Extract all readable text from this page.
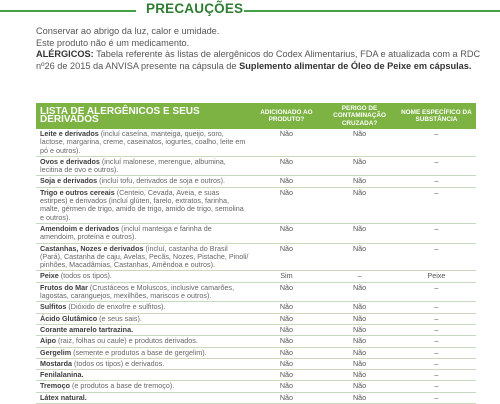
PRECAUÇÕES

Conservar ao abrigo da luz, calor e umidade.

Este produto não é um medicamento.

ALÉRGICOS: Tabela referente às listas de alergênicos do Codex Alimentarius, FDA e atualizada com a RDC nº26 de 2015 da ANVISA presente na cápsula de Suplemento alimentar de Óleo de Peixe em cápsulas.

LISTA DE ALERGÊNICOS E SEUS DERIVADOS	ADICIONADO AO PRODUTO?	PERIGO DE CONTAMINAÇÃO CRUZADA?	NOME ESPECÍFICO DA SUBSTÂNCIA
Leite e derivados (incluí caseína, manteiga, queijo, soro, lactose, margarina, creme, caseinatos, iogurtes, coalho, leite em pó e outros).	Não	Não	–
Ovos e derivados (incluí malonese, merengue, albumina, lecitina de ovo e outros).	Não	Não	–
Soja e derivados (incluí tofu, derivados de soja e outros).	Não	Não	–
Trigo e outros cereais (Centeio, Cevada, Aveia, e suas estirpes) e derivados (incluí glúten, farelo, extratos, farinha, malte, gérmen de trigo, amido de trigo, amido de trigo, semolina e outros).	Não	Não	–
Amendoim e derivados (incluí manteiga e farinha de amendoim, proteína e outros).	Não	Não	–
Castanhas, Nozes e derivados (incluí, castanha do Brasil (Pará), Castanha de caju, Avelas, Pecãs, Nozes, Pistache, Pinoli/ pinhões, Macadâmias, Castanhas, Amêndoa e outros).	Não	Não	–
Peixe (todos os tipos).	Sim	–	Peixe
Frutos do Mar (Crustáceos e Moluscos, inclusive camarões, lagostas, caranguejos, mexilhões, mariscos e outros).	Não	Não	–
Sulfitos (Dióxido de enxofre e sulfitos).	Não	Não	–
Ácido Glutâmico (e seus sais).	Não	Não	–
Corante amarelo tartrazina.	Não	Não	–
Aipo (raiz, folhas ou caule) e produtos derivados.	Não	Não	–
Gergelim (semente e produtos a base de gergelim).	Não	Não	–
Mostarda (todos os tipos) e derivados.	Não	Não	–
Fenilalanina.	Não	Não	–
Tremoço (e produtos a base de tremoço).	Não	Não	–
Látex natural.	Não	Não	–
